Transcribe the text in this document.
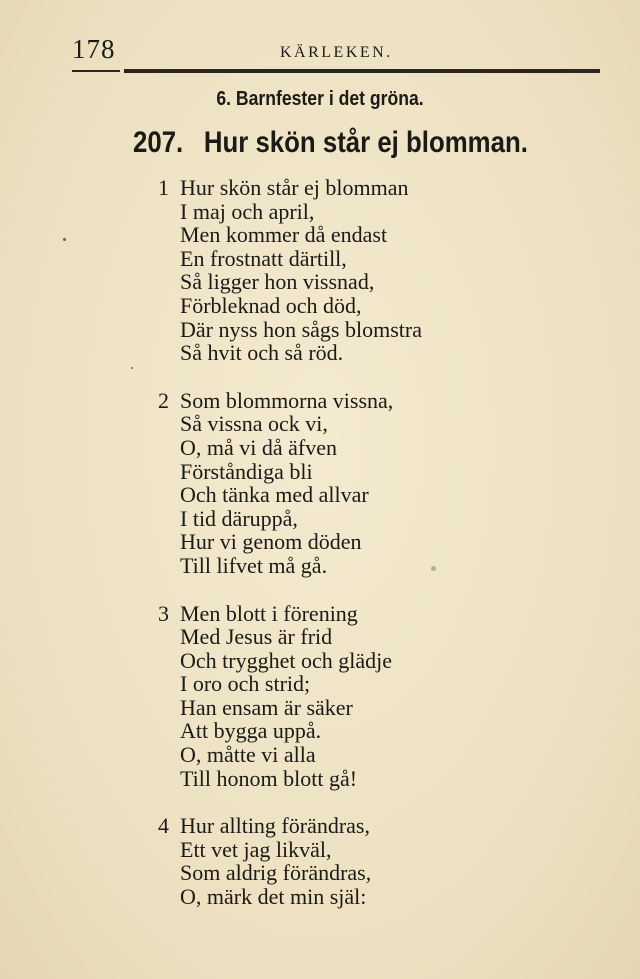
178	KÄRLEKEN.
6. Barnfester i det gröna.
207. Hur skön står ej blomman.
1 Hur skön står ej blomman
I maj och april,
Men kommer då endast
En frostnatt därtill,
Så ligger hon vissnad,
Förbleknad och död,
Där nyss hon sågs blomstra
Så hvit och så röd.
2 Som blommorna vissna,
Så vissna ock vi,
O, må vi då äfven
Förståndiga bli
Och tänka med allvar
I tid däruppå,
Hur vi genom döden
Till lifvet må gå.
3 Men blott i förening
Med Jesus är frid
Och trygghet och glädje
I oro och strid;
Han ensam är säker
Att bygga uppå.
O, måtte vi alla
Till honom blott gå!
4 Hur allting förändras,
Ett vet jag likväl,
Som aldrig förändras,
O, märk det min själ:
